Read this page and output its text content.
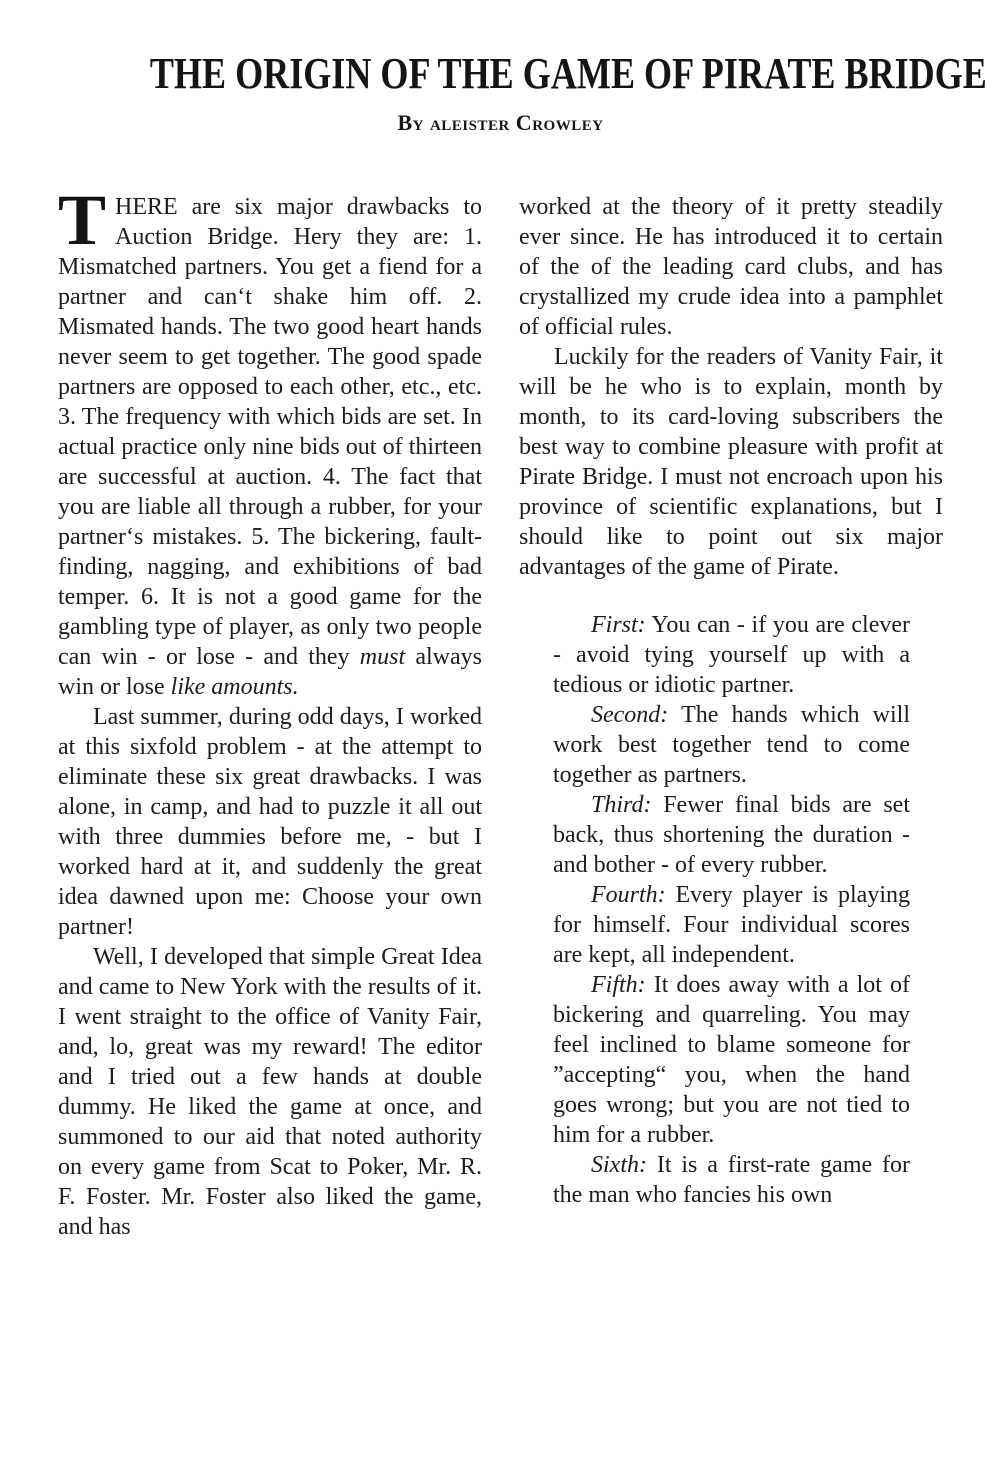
THE ORIGIN OF THE GAME OF PIRATE BRIDGE
By aleister Crowley

THERE are six major drawbacks to Auction Bridge. Hery they are: 1. Mismatched partners. You get a fiend for a partner and can‘t shake him off. 2. Mismated hands. The two good heart hands never seem to get together. The good spade partners are opposed to each other, etc., etc. 3. The frequency with which bids are set. In actual practice only nine bids out of thirteen are successful at auction. 4. The fact that you are liable all through a rubber, for your partner‘s mistakes. 5. The bickering, fault-finding, nagging, and exhibitions of bad temper. 6. It is not a good game for the gambling type of player, as only two people can win - or lose - and they must always win or lose like amounts.

Last summer, during odd days, I worked at this sixfold problem - at the attempt to eliminate these six great drawbacks. I was alone, in camp, and had to puzzle it all out with three dummies before me, - but I worked hard at it, and suddenly the great idea dawned upon me: Choose your own partner!

Well, I developed that simple Great Idea and came to New York with the results of it. I went straight to the office of Vanity Fair, and, lo, great was my reward! The editor and I tried out a few hands at double dummy. He liked the game at once, and summoned to our aid that noted authority on every game from Scat to Poker, Mr. R. F. Foster. Mr. Foster also liked the game, and has

worked at the theory of it pretty steadily ever since. He has introduced it to certain of the of the leading card clubs, and has crystallized my crude idea into a pamphlet of official rules.

Luckily for the readers of Vanity Fair, it will be he who is to explain, month by month, to its card-loving subscribers the best way to combine pleasure with profit at Pirate Bridge. I must not encroach upon his province of scientific explanations, but I should like to point out six major advantages of the game of Pirate.

First: You can - if you are clever - avoid tying yourself up with a tedious or idiotic partner.

Second: The hands which will work best together tend to come together as partners.

Third: Fewer final bids are set back, thus shortening the duration - and bother - of every rubber.

Fourth: Every player is playing for himself. Four individual scores are kept, all independent.

Fifth: It does away with a lot of bickering and quarreling. You may feel inclined to blame someone for ”accepting“ you, when the hand goes wrong; but you are not tied to him for a rubber.

Sixth: It is a first-rate game for the man who fancies his own
